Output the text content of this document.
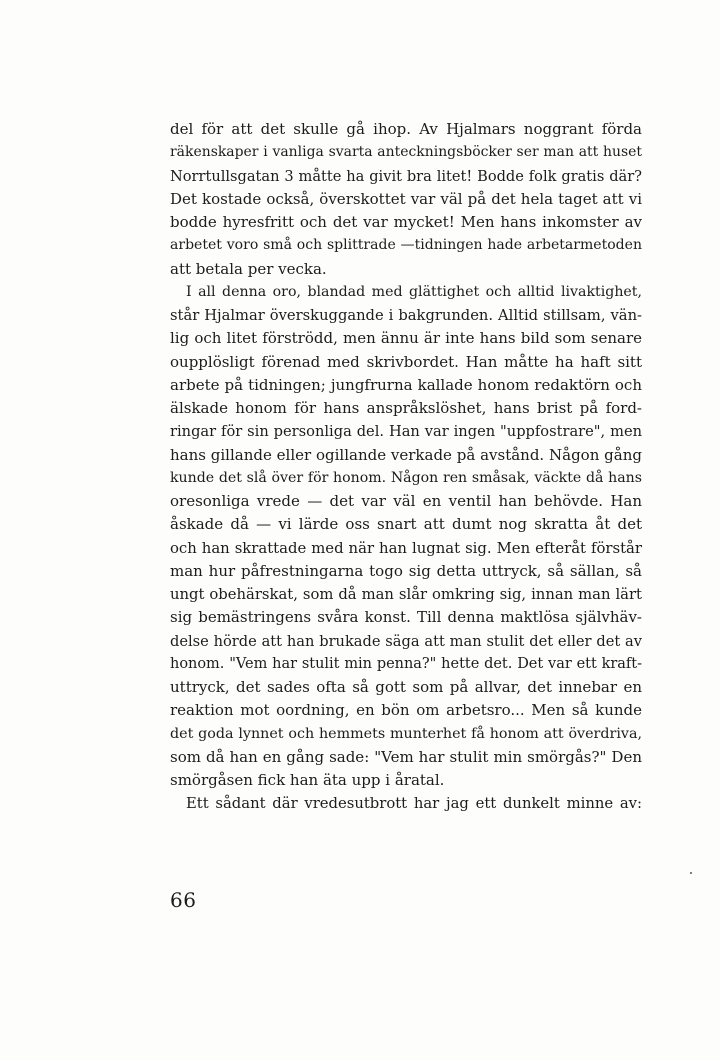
del för att det skulle gå ihop. Av Hjalmars noggrant förda
räkenskaper i vanliga svarta anteckningsböcker ser man att huset
Norrtullsgatan 3 måtte ha givit bra litet! Bodde folk gratis där?
Det kostade också, överskottet var väl på det hela taget att vi
bodde hyresfritt och det var mycket! Men hans inkomster av
arbetet voro små och splittrade —tidningen hade arbetarmetoden
att betala per vecka.
I all denna oro, blandad med glättighet och alltid livaktighet,
står Hjalmar överskuggande i bakgrunden. Alltid stillsam, vän-
lig och litet förströdd, men ännu är inte hans bild som senare
oupplösligt förenad med skrivbordet. Han måtte ha haft sitt
arbete på tidningen; jungfrurna kallade honom redaktörn och
älskade honom för hans anspråkslöshet, hans brist på ford-
ringar för sin personliga del. Han var ingen "uppfostrare", men
hans gillande eller ogillande verkade på avstånd. Någon gång
kunde det slå över för honom. Någon ren småsak, väckte då hans
oresonliga vrede — det var väl en ventil han behövde. Han
åskade då — vi lärde oss snart att dumt nog skratta åt det
och han skrattade med när han lugnat sig. Men efteråt förstår
man hur påfrestningarna togo sig detta uttryck, så sällan, så
ungt obehärskat, som då man slår omkring sig, innan man lärt
sig bemästringens svåra konst. Till denna maktlösa självhäv-
delse hörde att han brukade säga att man stulit det eller det av
honom. "Vem har stulit min penna?" hette det. Det var ett kraft-
uttryck, det sades ofta så gott som på allvar, det innebar en
reaktion mot oordning, en bön om arbetsro... Men så kunde
det goda lynnet och hemmets munterhet få honom att överdriva,
som då han en gång sade: "Vem har stulit min smörgås?" Den
smörgåsen fick han äta upp i åratal.
Ett sådant där vredesutbrott har jag ett dunkelt minne av:
66
